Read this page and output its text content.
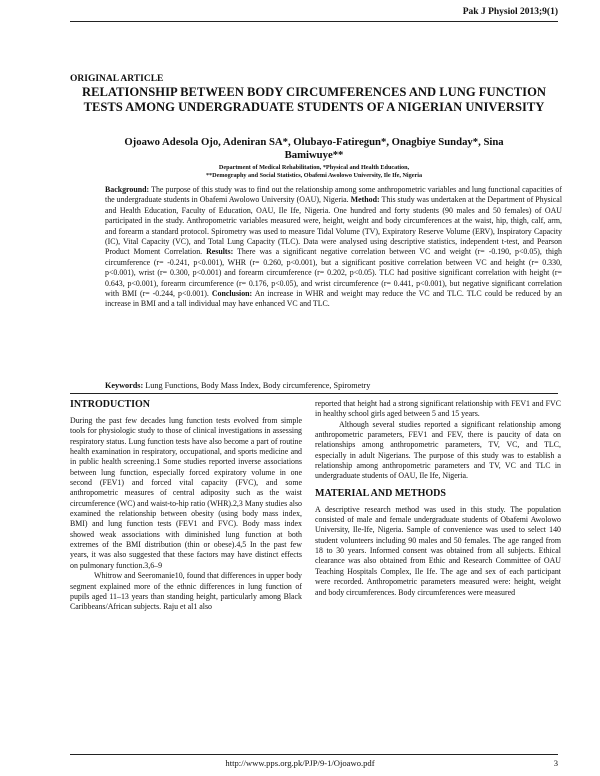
Pak J Physiol 2013;9(1)
ORIGINAL ARTICLE
RELATIONSHIP BETWEEN BODY CIRCUMFERENCES AND LUNG FUNCTION TESTS AMONG UNDERGRADUATE STUDENTS OF A NIGERIAN UNIVERSITY
Ojoawo Adesola Ojo, Adeniran SA*, Olubayo-Fatiregun*, Onagbiye Sunday*, Sina Bamiwuye**
Department of Medical Rehabilitation, *Physical and Health Education,
**Demography and Social Statistics, Obafemi Awolowo University, Ile Ife, Nigeria
Background: The purpose of this study was to find out the relationship among some anthropometric variables and lung functional capacities of the undergraduate students in Obafemi Awolowo University (OAU), Nigeria. Method: This study was undertaken at the Department of Physical and Health Education, Faculty of Education, OAU, Ile Ife, Nigeria. One hundred and forty students (90 males and 50 females) of OAU participated in the study. Anthropometric variables measured were, height, weight and body circumferences at the waist, hip, thigh, calf, arm, and forearm a standard protocol. Spirometry was used to measure Tidal Volume (TV), Expiratory Reserve Volume (ERV), Inspiratory Capacity (IC), Vital Capacity (VC), and Total Lung Capacity (TLC). Data were analysed using descriptive statistics, independent t-test, and Pearson Product Moment Correlation. Results: There was a significant negative correlation between VC and weight (r= -0.190, p<0.05), thigh circumference (r= -0.241, p<0.001), WHR (r= 0.260, p<0.001), but a significant positive correlation between VC and height (r= 0.330, p<0.001), wrist (r= 0.300, p<0.001) and forearm circumference (r= 0.202, p<0.05). TLC had positive significant correlation with height (r= 0.643, p<0.001), forearm circumference (r= 0.176, p<0.05), and wrist circumference (r= 0.441, p<0.001), but negative significant correlation with BMI (r= -0.244, p<0.001). Conclusion: An increase in WHR and weight may reduce the VC and TLC. TLC could be reduced by an increase in BMI and a tall individual may have enhanced VC and TLC.
Keywords: Lung Functions, Body Mass Index, Body circumference, Spirometry
INTRODUCTION

During the past few decades lung function tests evolved from simple tools for physiologic study to those of clinical investigations in assessing respiratory status. Lung function tests have also become a part of routine health examination in respiratory, occupational, and sports medicine and in public health screening.1 Some studies reported inverse associations between lung function, especially forced expiratory volume in one second (FEV1) and forced vital capacity (FVC), and some anthropometric measures of central adiposity such as the waist circumference (WC) and waist-to-hip ratio (WHR).2,3 Many studies also examined the relationship between obesity (using body mass index, BMI) and lung function tests (FEV1 and FVC). Body mass index showed weak associations with diminished lung function at both extremes of the BMI distribution (thin or obese).4,5 In the past few years, it was also suggested that these factors may have distinct effects on pulmonary function.3,6–9

Whitrow and Seeromanie10, found that differences in upper body segment explained more of the ethnic differences in lung function of pupils aged 11–13 years than standing height, particularly among Black Caribbeans/African subjects. Raju et al1 also

reported that height had a strong significant relationship with FEV1 and FVC in healthy school girls aged between 5 and 15 years.

Although several studies reported a significant relationship among anthropometric parameters, FEV1 and FEV, there is paucity of data on relationships among anthropometric parameters, TV, VC, and TLC, especially in adult Nigerians. The purpose of this study was to establish a relationship among anthropometric parameters and TV, VC and TLC in undergraduate students of OAU, Ile Ife, Nigeria.

MATERIAL AND METHODS

A descriptive research method was used in this study. The population consisted of male and female undergraduate students of Obafemi Awolowo University, Ile-Ife, Nigeria. Sample of convenience was used to select 140 student volunteers including 90 males and 50 females. The age ranged from 18 to 30 years. Informed consent was obtained from all subjects. Ethical clearance was also obtained from Ethic and Research Committee of OAU Teaching Hospitals Complex, Ile Ife. The age and sex of each participant were recorded. Anthropometric parameters measured were: height, weight and body circumferences. Body circumferences were measured

http://www.pps.org.pk/PJP/9-1/Ojoawo.pdf	3
